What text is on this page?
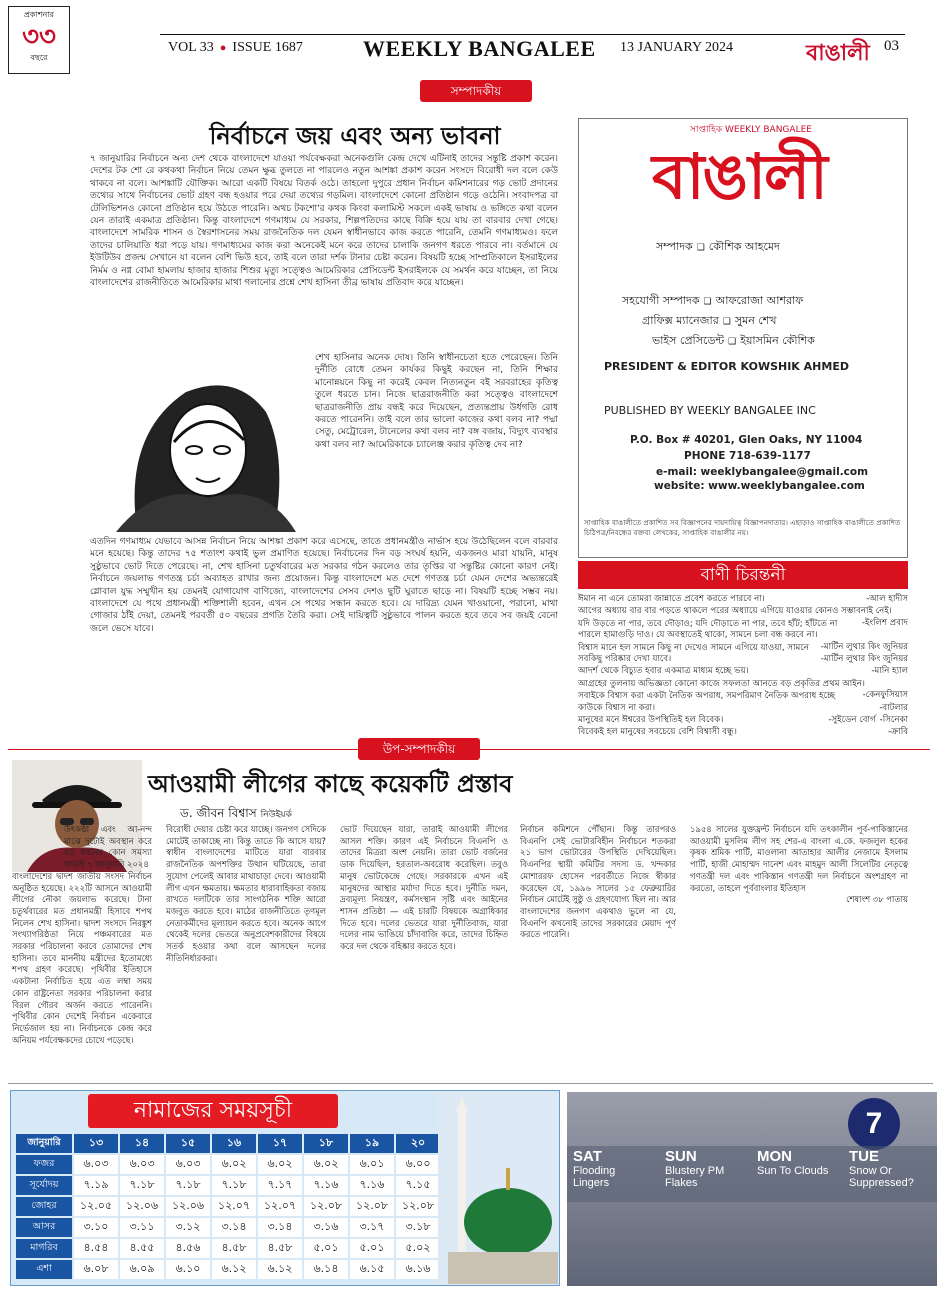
প্রকাশনার
৩৩
বছরে
VOL 33 ● ISSUE 1687	WEEKLY BANGALEE 13 JANUARY 2024	বাঙালী 03
সম্পাদকীয়
নির্বাচনে জয় এবং অন্য ভাবনা
৭ জানুয়ারির নির্বাচনে অন্য দেশ থেকে বাংলাদেশে যাওয়া পর্যবেক্ষকরা অনেকগুলি কেন্দ্র দেখে এটিনাই তাদের সন্তুষ্টি প্রকাশ করেন। দেশের টক শো রে কথকথা নির্বাচন নিয়ে তেমন ক্ষুব্ধ তুলতে না পারলেও নতুন আশঙ্কা প্রকাশ করেন সংসদে বিরোধী দল বলে কেউ থাকবে না বলে। আশঙ্কাটি যৌক্তিক। আরো একটি বিষয়ে বিতর্ক ওঠে। তাহলো দুপুরে প্রধান নির্বাচন কমিশনারের গড় ভোট প্রদানের তথ্যের সাথে নির্বাচনের ভোট গ্রহণ বন্ধ হওয়ার পরে দেয়া তথ্যের গড়মিল। বাংলাদেশে কোনো প্রতিষ্ঠান গড়ে ওঠেনি। সংবাদপত্র বা টেলিভিশনও কোনো প্রতিষ্ঠান হয়ে উঠতে পারেনি। অথচ টকশো'র কথক কিংবা কলামিস্ট সকলে একই ভাষায় ও ভঙ্গিতে কথা বলেন যেন তারাই একমাত্র প্রতিষ্ঠান। কিন্তু বাংলাদেশে গণমাধ্যম যে সরকার, শিল্পপতিদের কাছে বিক্রি হয়ে যায় তা বারবার দেখা গেছে। বাংলাদেশে সামরিক শাসন ও স্বৈরশাসনের সময় রাজনৈতিক দল যেমন স্বাধীনভাবে কাজ করতে পারেনি, তেমনি গণমাধ্যমও। ফলে তাদের চালিয়াতি ধরা পড়ে যায়। গণমাধ্যমের কাজ করা অনেকেই মনে করে তাদের চালাকি জনগণ ধরতে পারবে না। বর্তমানে যে ইউটিউব প্রজন্ম সেখানে যা বলেন বেশি ভিউ হবে, তাই বলে তারা দর্শক টানার চেষ্টা করেন। বিষয়টি হচ্ছে সাম্প্রতিকালে ইসরাইলের নির্মম ও নগ্ন বোমা হামলায় হাজার হাজার শিশুর মৃত্যু সত্ত্বেও আমেরিকার প্রেসিডেন্ট ইসরাইলকে যে সমর্থন করে যাচ্ছেন, তা নিয়ে বাংলাদেশের রাজনীতিতে আমেরিকার মাথা গলানোর প্রশ্নে শেখ হাসিনা তীব্র ভাষায় প্রতিবাদ করে যাচ্ছেন।
শেখ হাসিনার অনেক দোষ। তিনি স্বাধীনচেতা হতে পেরেছেন। তিনি দুর্নীতি রোধে তেমন কার্যকর কিছুই করছেন না, তিনি শিক্ষার মানোন্নয়নে কিছু না করেই কেবল নিত্যনতুন বই সরবরাহের কৃতিত্ব তুলে ধরতে চান। নিজে ছাত্ররাজনীতি করা সত্ত্বেও বাংলাদেশে ছাত্ররাজনীতি প্রায় বন্ধই করে দিয়েছেন, প্রত্যন্তপ্রায় উর্ধগতি রোধ করতে পারেননি। তাই বলে তার ভালো কাজের কথা বলব না? পদ্মা সেতু, মেট্রোরেল, টানেলের কথা বলব না? বঙ্গ বজায়, বিদ্যুৎ ব্যবস্থার কথা বলব না? আমেরিকাকে চ্যালেঞ্জ করার কৃতিত্ব দেব না?
এতদিন গণমাধ্যম যেভাবে আসন্ন নির্বাচন নিয়ে আশঙ্কা প্রকাশ করে এসেছে, তাতে প্রধানমন্ত্রীও নার্ভাস হয়ে উঠেছিলেন বলে বারবার মনে হয়েছে। কিন্তু তাদের ৭৫ শতাংশ কথাই ভুল প্রমাণিত হয়েছে। নির্বাচনের দিন বড় সংঘর্ষ হয়নি, একজনও মারা যায়নি, মানুষ সুষ্ঠুভাবে ভোট দিতে পেরেছে। না, শেখ হাসিনা চতুর্থবারের মত সরকার গঠন করলেও তার তৃপ্তির বা সন্তুষ্টির কোনো কারণ নেই। নির্বাচনে জয়লাভ গণতন্ত্র চর্চা অব্যাহত রাখার জন্য প্রয়োজন। কিন্তু বাংলাদেশে মত দেশে গণতন্ত্র চর্চা যেমন দেশের অভ্যন্তরেই গ্লোবাল যুদ্ধ সম্মুখীন হয় তেমনই যোগাযোগ বাণিজ্যে, বাংলাদেশের সেসব দেশও ছুটি ঘুরাতে ছাড়ে না। বিষয়টি হচ্ছে সম্ভব নয়। বাংলাদেশে যে পথে প্রধানমন্ত্রী শক্তিশালী হবেন, এখন সে পথের সন্ধান করতে হবে। যে দারিদ্র্য যেমন খাওয়ানো, পরানো, মাথা গোজার ঠাঁই দেয়া, তেমনই পরবর্তী ৫০ বছরের প্রগতি তৈরি করা। সেই দায়িত্বটি সুষ্ঠুভাবে পালন করতে হবে তবে সব জয়ই বেনো জলে ভেসে যাবে।
সাপ্তাহিক WEEKLY BANGALEE
বাঙালী
সম্পাদক ❑ কৌশিক আহমেদ
সহযোগী সম্পাদক ❑ আফরোজা আশরাফ
গ্রাফিক্স ম্যানেজার ❑ সুমন শেখ
ভাইস প্রেসিডেন্ট ❑ ইয়াসমিন কৌশিক
PRESIDENT & EDITOR KOWSHIK AHMED
PUBLISHED BY WEEKLY BANGALEE INC
P.O. Box # 40201, Glen Oaks, NY 11004
PHONE 718-639-1177
e-mail: weeklybangalee@gmail.com
website: www.weeklybangalee.com
সাপ্তাহিক বাঙালীতে প্রকাশিত সব বিজ্ঞাপনের দায়দায়িত্ব বিজ্ঞাপনদাতার। এছাড়াও সাপ্তাহিক বাঙালীতে প্রকাশিত চিঠিপত্র/নিবন্ধের বক্তব্য লেখকের, সাপ্তাহিক বাঙালীর নয়।
বাণী চিরন্তনী
ঈমান না এনে তোমরা জান্নাতে প্রবেশ করতে পারবে না।	-আল হাদীস
আগের অধ্যায় বার বার পড়তে থাকলে পরের অধ্যায়ে এগিয়ে যাওয়ার কোনও সম্ভাবনাই নেই।
-ইংলিশ প্রবাদ
যদি উড়তে না পার, তবে দৌড়াও; যদি দৌড়াতে না পার, তবে হাঁট; হাঁটতে না পারলে হামাগুড়ি দাও। যে অবস্থাতেই থাকো, সামনে চলা বন্ধ করবে না।
-মার্টিন লুথার কিং জুনিয়র
বিশ্বাস মানে হল সামনে কিছু না দেখেও সামনে এগিয়ে যাওয়া, সামনে সবকিছু পরিষ্কার দেখা যাবে।	-মার্টিন লুথার কিং জুনিয়র
আদর্শ থেকে বিচ্যুত হবার একমাত্র মাধ্যম হচ্ছে ভয়।	-মানি হ্যাল
আগ্রহের তুলনায় অভিজ্ঞতা কোনো কাজে সফলতা আনতে বড় প্রকৃতির প্রথম আইন।
-কেনফুসিয়াস
সবাইকে বিশ্বাস করা একটা নৈতিক অপরাধ, সমপরিমাণ নৈতিক অপরাধ হচ্ছে কাউকে বিশ্বাস না করা।	-বাটলার
-সিনেকা
মানুষের মনে ঈশ্বরের উপস্থিতিই হল বিবেক।	-সুইডেন বোর্গ
বিবেকই হল মানুষের সবচেয়ে বেশি বিশ্বাসী বন্ধু।	-ক্রাবি
উপ-সম্পাদকীয়
আওয়ামী লীগের কাছে কয়েকটি প্রস্তাব
ড. জীবন বিশ্বাস নিউইয়র্ক
উৎকণ্ঠা এবং আ-নন্দ মাঝে দুটোই অবস্থান করে বড় ধরনের কোন সমস্যা ছাড়াই ৭ জানুয়ারি ২০২৪
বাংলাদেশের দ্বাদশ জাতীয় সংসদ নির্বাচন অনুষ্ঠিত হয়েছে। ২২২টি আসনে আওয়ামী লীগের নৌকা জয়লাভ করেছে। টানা চতুর্থবারের মত প্রধানমন্ত্রী হিসাবে শপথ নিলেন শেখ হাসিনা। দ্বাদশ সংসদে নিরঙ্কুশ সংখ্যাগরিষ্ঠতা নিয়ে পঞ্চমবারের মত সরকার পরিচালনা করবে তোমাদের শেখ হাসিনা। তবে মাননীয় মন্ত্রীদের ইতোমধ্যে শপথ গ্রহণ করেছে। পৃথিবীর ইতিহাসে একটানা নির্বাচিত হয়ে এত লম্বা সময় কোন রাষ্ট্রনেতা সরকার পরিচালনা করার বিরল গৌরব অর্জন করতে পারেননি। পৃথিবীর কোন দেশেই নির্বাচন একেবারে নির্ভেজাল হয় না। নির্বাচনকে কেন্দ্র করে অনিয়ম পর্যবেক্ষকদের চোখে পড়েছে।
বিরোধী দেয়ার চেষ্টা করে যাচ্ছে। জনগণ সেদিকে মোটেই তাকাচ্ছে না। কিন্তু তাতে কি আসে যায়? স্বাধীন বাংলাদেশের মাটিতে যারা বারবার রাজনৈতিক অপশক্তির উত্থান ঘটিয়েছে, তারা সুযোগ পেলেই আবার মাথাচাড়া দেবে। আওয়ামী লীগ এখন ক্ষমতায়। ক্ষমতার ধারাবাহিকতা বজায় রাখতে দলটিকে তার সাংগঠনিক শক্তি আরো মজবুত করতে হবে। মাঠের রাজনীতিতে তৃণমূল নেতাকর্মীদের মূল্যায়ন করতে হবে। অনেক আগে থেকেই দলের ভেতরে অনুপ্রবেশকারীদের বিষয়ে সতর্ক হওয়ার কথা বলে আসছেন দলের নীতিনির্ধারকরা।
ভোট দিয়েছেন যারা, তারাই আওয়ামী লীগের আসল শক্তি। কারণ এই নির্বাচনে বিএনপি ও তাদের মিত্ররা অংশ নেয়নি। তারা ভোট বর্জনের ডাক দিয়েছিল, হরতাল-অবরোধ করেছিল। তবুও মানুষ ভোটকেন্দ্রে গেছে। সরকারকে এখন এই মানুষদের আস্থার মর্যাদা দিতে হবে। দুর্নীতি দমন, দ্রব্যমূল্য নিয়ন্ত্রণ, কর্মসংস্থান সৃষ্টি এবং আইনের শাসন প্রতিষ্ঠা — এই চারটি বিষয়কে অগ্রাধিকার দিতে হবে। দলের ভেতরে যারা দুর্নীতিবাজ, যারা দলের নাম ভাঙিয়ে চাঁদাবাজি করে, তাদের চিহ্নিত করে দল থেকে বহিষ্কার করতে হবে।
নির্বাচন কমিশনে পৌঁছান। কিন্তু তারপরও বিএনপি সেই ভোটারবিহীন নির্বাচনে শতকরা ২১ ভাগ ভোটারের উপস্থিতি দেখিয়েছিল। বিএনপির স্থায়ী কমিটির সদস্য ড. খন্দকার মোশাররফ হোসেন পরবর্তীতে নিজে স্বীকার করেছেন যে, ১৯৯৬ সালের ১৫ ফেব্রুয়ারির নির্বাচন মোটেই সুষ্ঠু ও গ্রহণযোগ্য ছিল না। আর বাংলাদেশের জনগণ একথাও ভুলে না যে, বিএনপি কখনোই তাদের সরকারের মেয়াদ পূর্ণ করতে পারেনি।
১৯৫৪ সালের যুক্তফ্রন্ট নির্বাচনে যদি তৎকালীন পূর্ব-পাকিস্তানের আওয়ামী মুসলিম লীগ সহ শের-এ বাংলা এ.কে. ফজলুল হকের কৃষক শ্রমিক পার্টি, মাওলানা আতাহার আলীর নেজামে ইসলাম পার্টি, হাজী মোহাম্মদ দানেশ এবং মাহমুদ আলী সিলেটির নেতৃত্বে গণতন্ত্রী দল এবং পাকিস্তান গণতন্ত্রী দল নির্বাচনে অংশগ্রহণ না করতো, তাহলে পূর্ববাংলার ইতিহাস
শেষাংশ ৩৮ পাতায়
নামাজের সময়সূচী
জানুয়ারি	১৩	১৪	১৫	১৬	১৭	১৮	১৯	২০
ফজর	৬.০৩	৬.০৩	৬.০৩	৬.০২	৬.০২	৬.০২	৬.০১	৬.০০
সূর্যোদয়	৭.১৯	৭.১৮	৭.১৮	৭.১৮	৭.১৭	৭.১৬	৭.১৬	৭.১৫
জোহর	১২.০৫	১২.০৬	১২.০৬	১২.০৭	১২.০৭	১২.০৮	১২.০৮	১২.০৮
আসর	৩.১০	৩.১১	৩.১২	৩.১৪	৩.১৪	৩.১৬	৩.১৭	৩.১৮
মাগরিব	৪.৫৪	৪.৫৫	৪.৫৬	৪.৫৮	৪.৫৮	৫.০১	৫.০১	৫.০২
এশা	৬.০৮	৬.০৯	৬.১০	৬.১২	৬.১২	৬.১৪	৬.১৫	৬.১৬
7
SAT
Flooding Lingers
SUN
Blustery PM Flakes
MON
Sun To Clouds
TUE
Snow Or Suppressed?
